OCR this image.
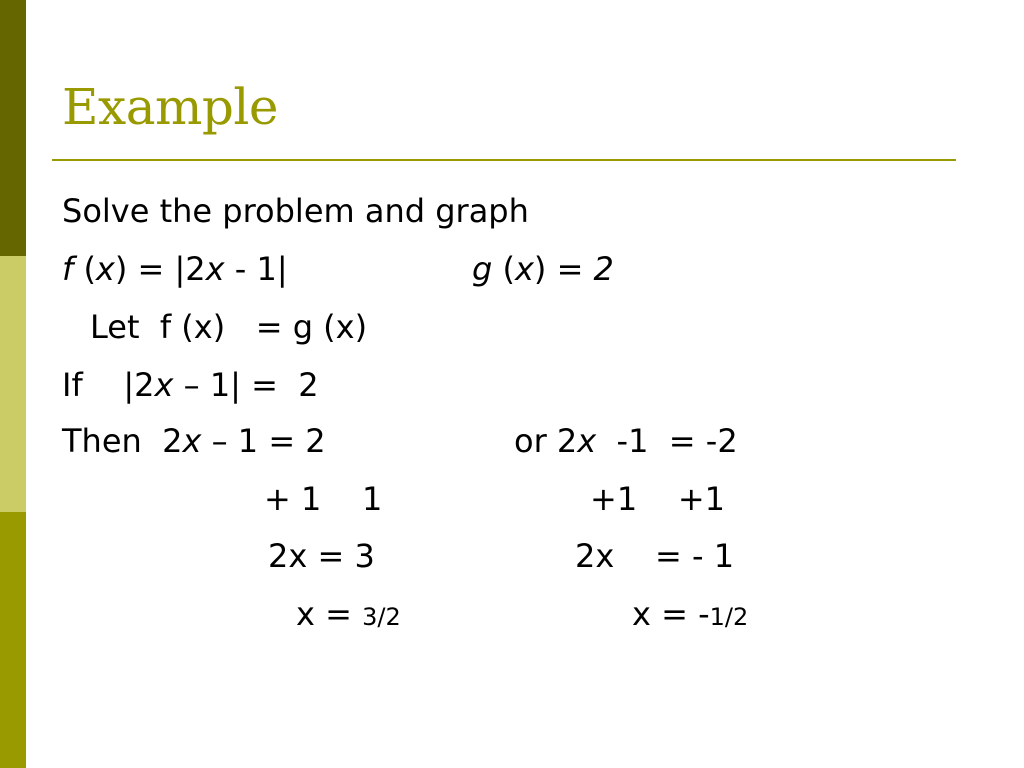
Example
Solve the problem and graph
f (x) = |2x - 1|	g (x) = 2
Let  f (x)   = g (x)
If    |2x – 1| =  2
Then  2x – 1 = 2	or 2x  -1  = -2
+ 1    1	+1    +1
2x = 3	2x    = - 1
x = 3/2	x = -1/2
